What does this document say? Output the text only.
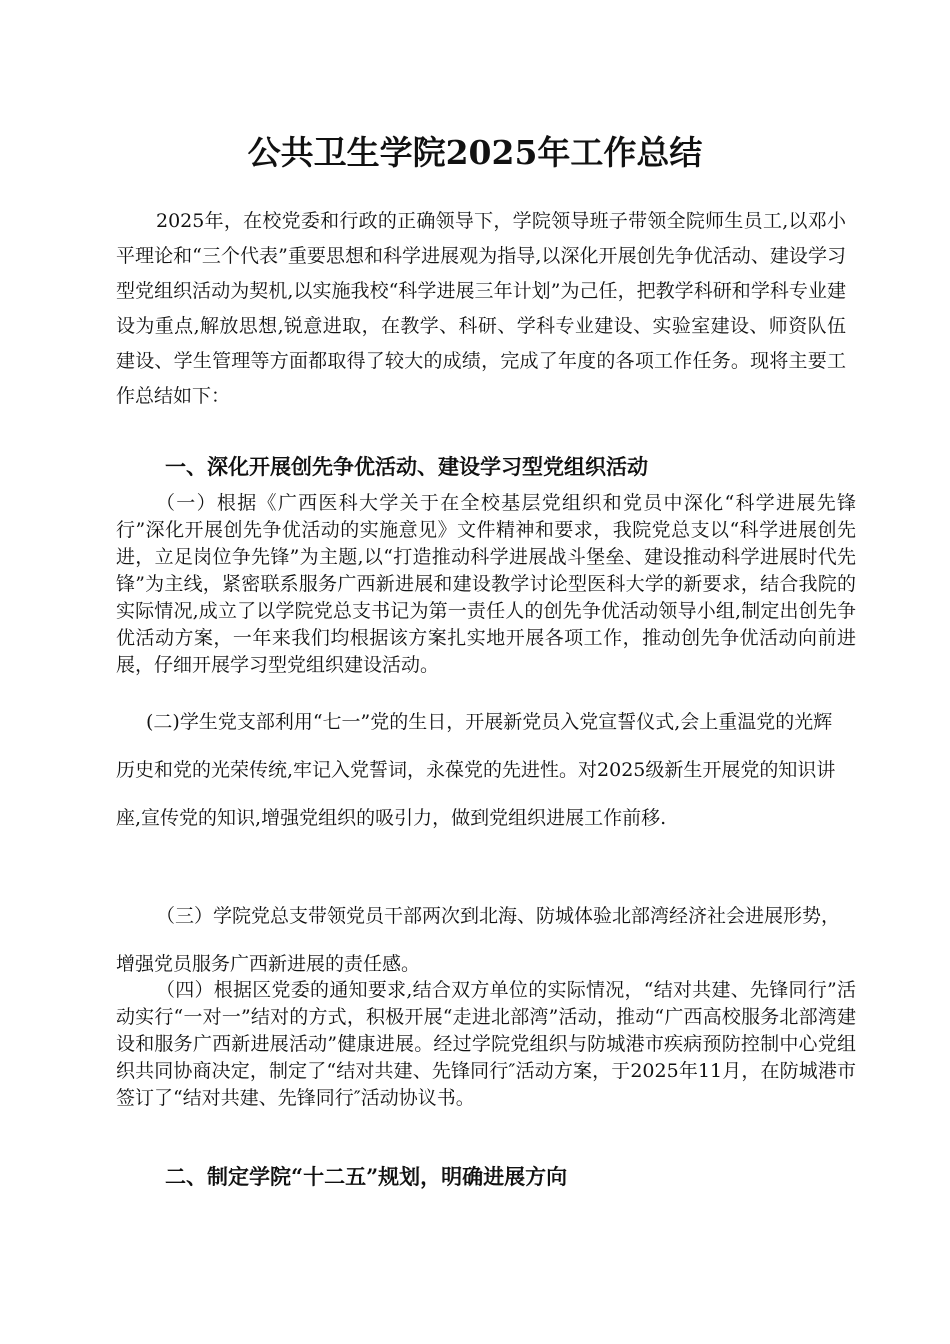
公共卫生学院2025年工作总结
2025年，在校党委和行政的正确领导下，学院领导班子带领全院师生员工,以邓小平理论和“三个代表”重要思想和科学进展观为指导,以深化开展创先争优活动、建设学习型党组织活动为契机,以实施我校“科学进展三年计划”为己任，把教学科研和学科专业建设为重点,解放思想,锐意进取，在教学、科研、学科专业建设、实验室建设、师资队伍建设、学生管理等方面都取得了较大的成绩，完成了年度的各项工作任务。现将主要工作总结如下：
一、深化开展创先争优活动、建设学习型党组织活动
（一）根据《广西医科大学关于在全校基层党组织和党员中深化“科学进展先锋行”深化开展创先争优活动的实施意见》文件精神和要求，我院党总支以“科学进展创先进，立足岗位争先锋”为主题,以“打造推动科学进展战斗堡垒、建设推动科学进展时代先锋”为主线，紧密联系服务广西新进展和建设教学讨论型医科大学的新要求，结合我院的实际情况,成立了以学院党总支书记为第一责任人的创先争优活动领导小组,制定出创先争优活动方案，一年来我们均根据该方案扎实地开展各项工作，推动创先争优活动向前进展，仔细开展学习型党组织建设活动。
(二)学生党支部利用“七一”党的生日，开展新党员入党宣誓仪式,会上重温党的光辉历史和党的光荣传统,牢记入党誓词，永葆党的先进性。对2025级新生开展党的知识讲座,宣传党的知识,增强党组织的吸引力，做到党组织进展工作前移.
（三）学院党总支带领党员干部两次到北海、防城体验北部湾经济社会进展形势，增强党员服务广西新进展的责任感。
（四）根据区党委的通知要求,结合双方单位的实际情况，“结对共建、先锋同行”活动实行“一对一”结对的方式，积极开展“走进北部湾”活动，推动“广西高校服务北部湾建设和服务广西新进展活动”健康进展。经过学院党组织与防城港市疾病预防控制中心党组织共同协商决定，制定了“结对共建、先锋同行″活动方案，于2025年11月，在防城港市签订了“结对共建、先锋同行″活动协议书。
二、制定学院“十二五”规划，明确进展方向
